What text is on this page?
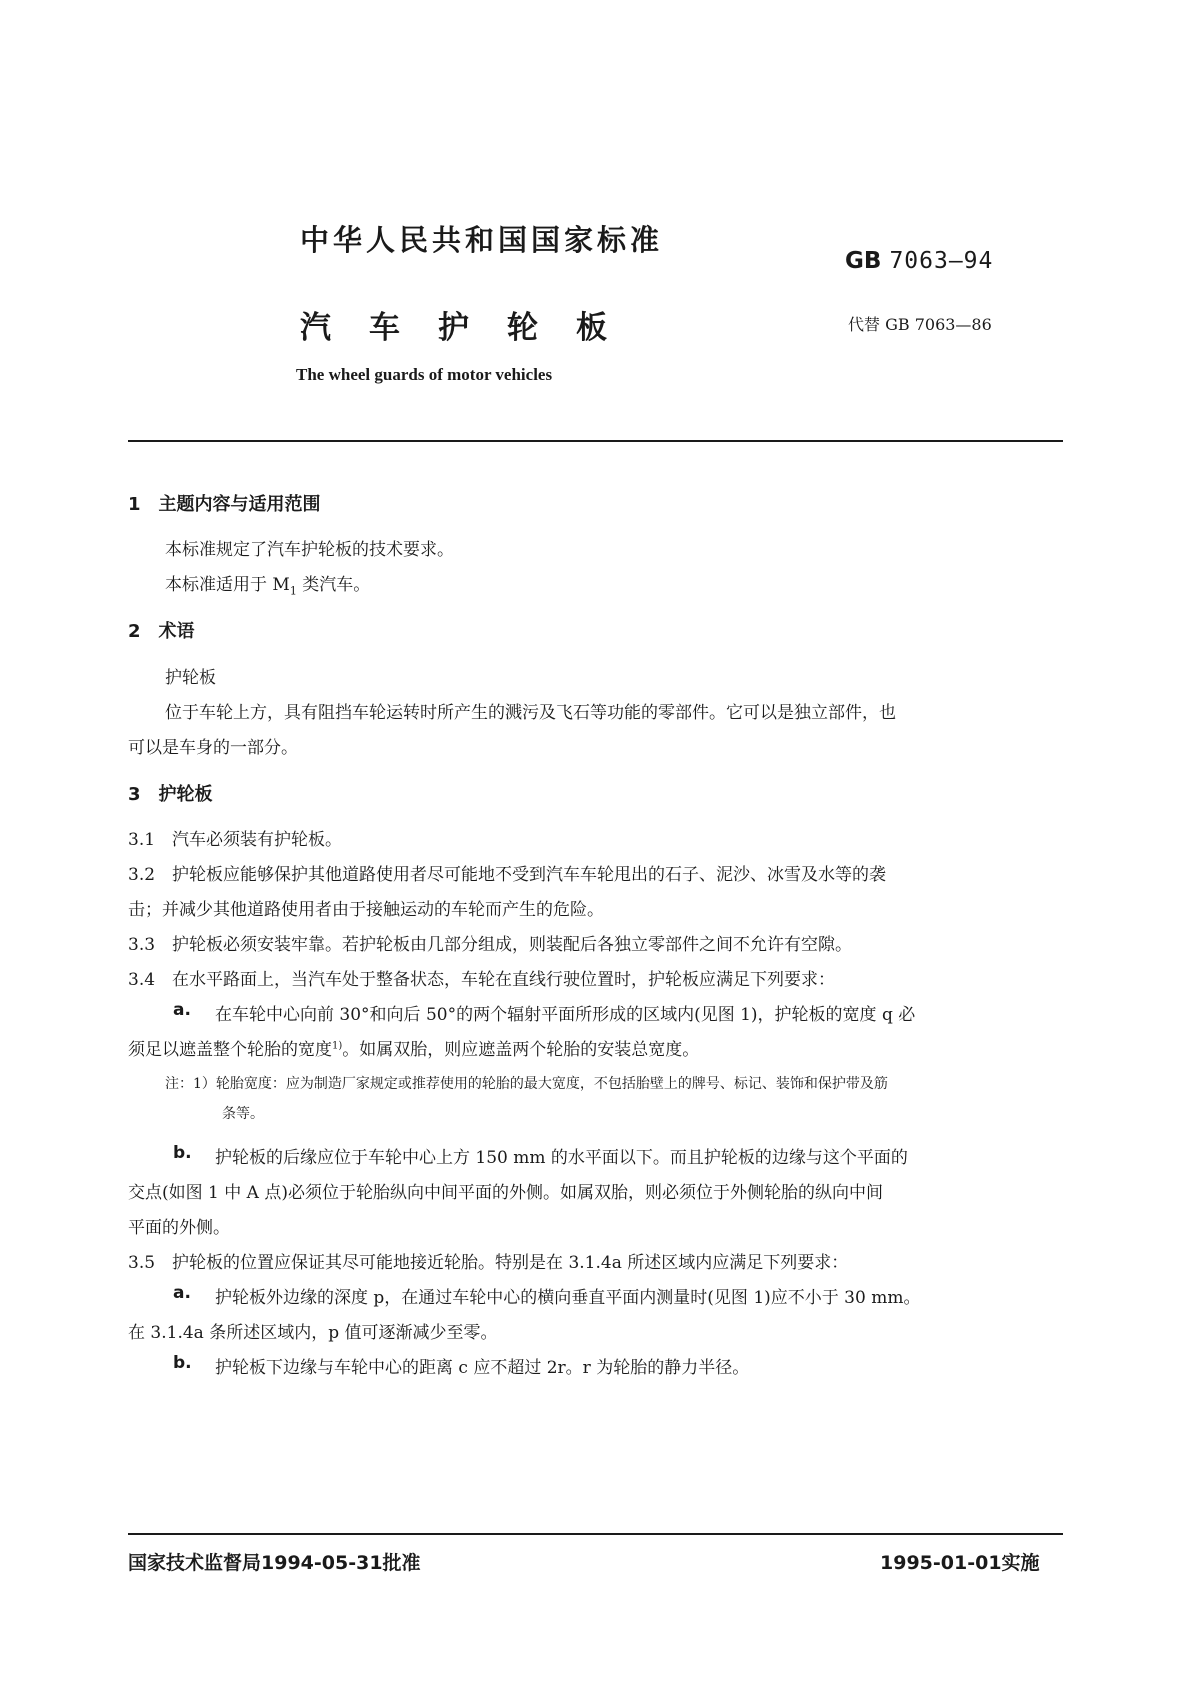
中华人民共和国国家标准
GB 7063—94
汽车护轮板	代替 GB 7063—86
The wheel guards of motor vehicles
1　主题内容与适用范围
本标准规定了汽车护轮板的技术要求。
本标准适用于 $M_1$ 类汽车。
2　术语
护轮板
位于车轮上方，具有阻挡车轮运转时所产生的溅污及飞石等功能的零部件。它可以是独立部件，也
可以是车身的一部分。
3　护轮板
3.1　汽车必须装有护轮板。
3.2　护轮板应能够保护其他道路使用者尽可能地不受到汽车车轮甩出的石子、泥沙、冰雪及水等的袭
击；并减少其他道路使用者由于接触运动的车轮而产生的危险。
3.3　护轮板必须安装牢靠。若护轮板由几部分组成，则装配后各独立零部件之间不允许有空隙。
3.4　在水平路面上，当汽车处于整备状态，车轮在直线行驶位置时，护轮板应满足下列要求：
a. 在车轮中心向前 30°和向后 50°的两个辐射平面所形成的区域内(见图 1)，护轮板的宽度 q 必
须足以遮盖整个轮胎的宽度$^{1)}$。如属双胎，则应遮盖两个轮胎的安装总宽度。
注：1）轮胎宽度：应为制造厂家规定或推荐使用的轮胎的最大宽度，不包括胎壁上的牌号、标记、装饰和保护带及筋
条等。
b. 护轮板的后缘应位于车轮中心上方 150 mm 的水平面以下。而且护轮板的边缘与这个平面的
交点(如图 1 中 A 点)必须位于轮胎纵向中间平面的外侧。如属双胎，则必须位于外侧轮胎的纵向中间
平面的外侧。
3.5　护轮板的位置应保证其尽可能地接近轮胎。特别是在 3.1.4a 所述区域内应满足下列要求：
a. 护轮板外边缘的深度 p，在通过车轮中心的横向垂直平面内测量时(见图 1)应不小于 30 mm。
在 3.1.4a 条所述区域内，p 值可逐渐减少至零。
b. 护轮板下边缘与车轮中心的距离 c 应不超过 2r。r 为轮胎的静力半径。
国家技术监督局1994-05-31批准	1995-01-01实施
